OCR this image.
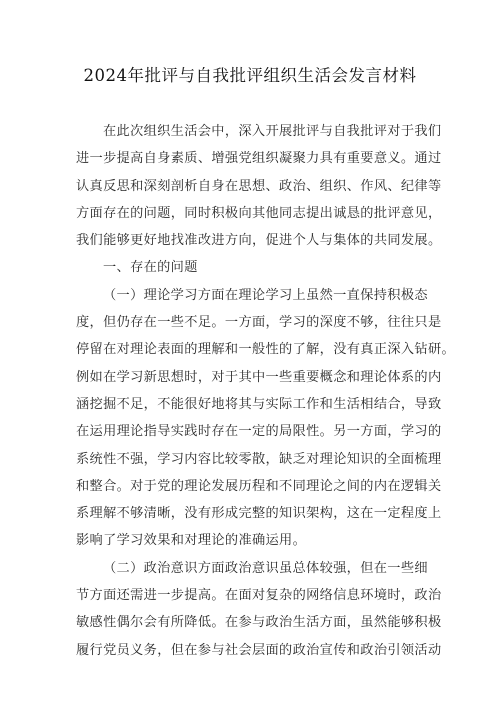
2024年批评与自我批评组织生活会发言材料
在此次组织生活会中，深入开展批评与自我批评对于我们
进一步提高自身素质、增强党组织凝聚力具有重要意义。通过
认真反思和深刻剖析自身在思想、政治、组织、作风、纪律等
方面存在的问题，同时积极向其他同志提出诚恳的批评意见，
我们能够更好地找准改进方向，促进个人与集体的共同发展。
一、存在的问题
（一）理论学习方面在理论学习上虽然一直保持积极态
度，但仍存在一些不足。一方面，学习的深度不够，往往只是
停留在对理论表面的理解和一般性的了解，没有真正深入钻研。
例如在学习新思想时，对于其中一些重要概念和理论体系的内
涵挖掘不足，不能很好地将其与实际工作和生活相结合，导致
在运用理论指导实践时存在一定的局限性。另一方面，学习的
系统性不强，学习内容比较零散，缺乏对理论知识的全面梳理
和整合。对于党的理论发展历程和不同理论之间的内在逻辑关
系理解不够清晰，没有形成完整的知识架构，这在一定程度上
影响了学习效果和对理论的准确运用。
（二）政治意识方面政治意识虽总体较强，但在一些细
节方面还需进一步提高。在面对复杂的网络信息环境时，政治
敏感性偶尔会有所降低。在参与政治生活方面，虽然能够积极
履行党员义务，但在参与社会层面的政治宣传和政治引领活动
